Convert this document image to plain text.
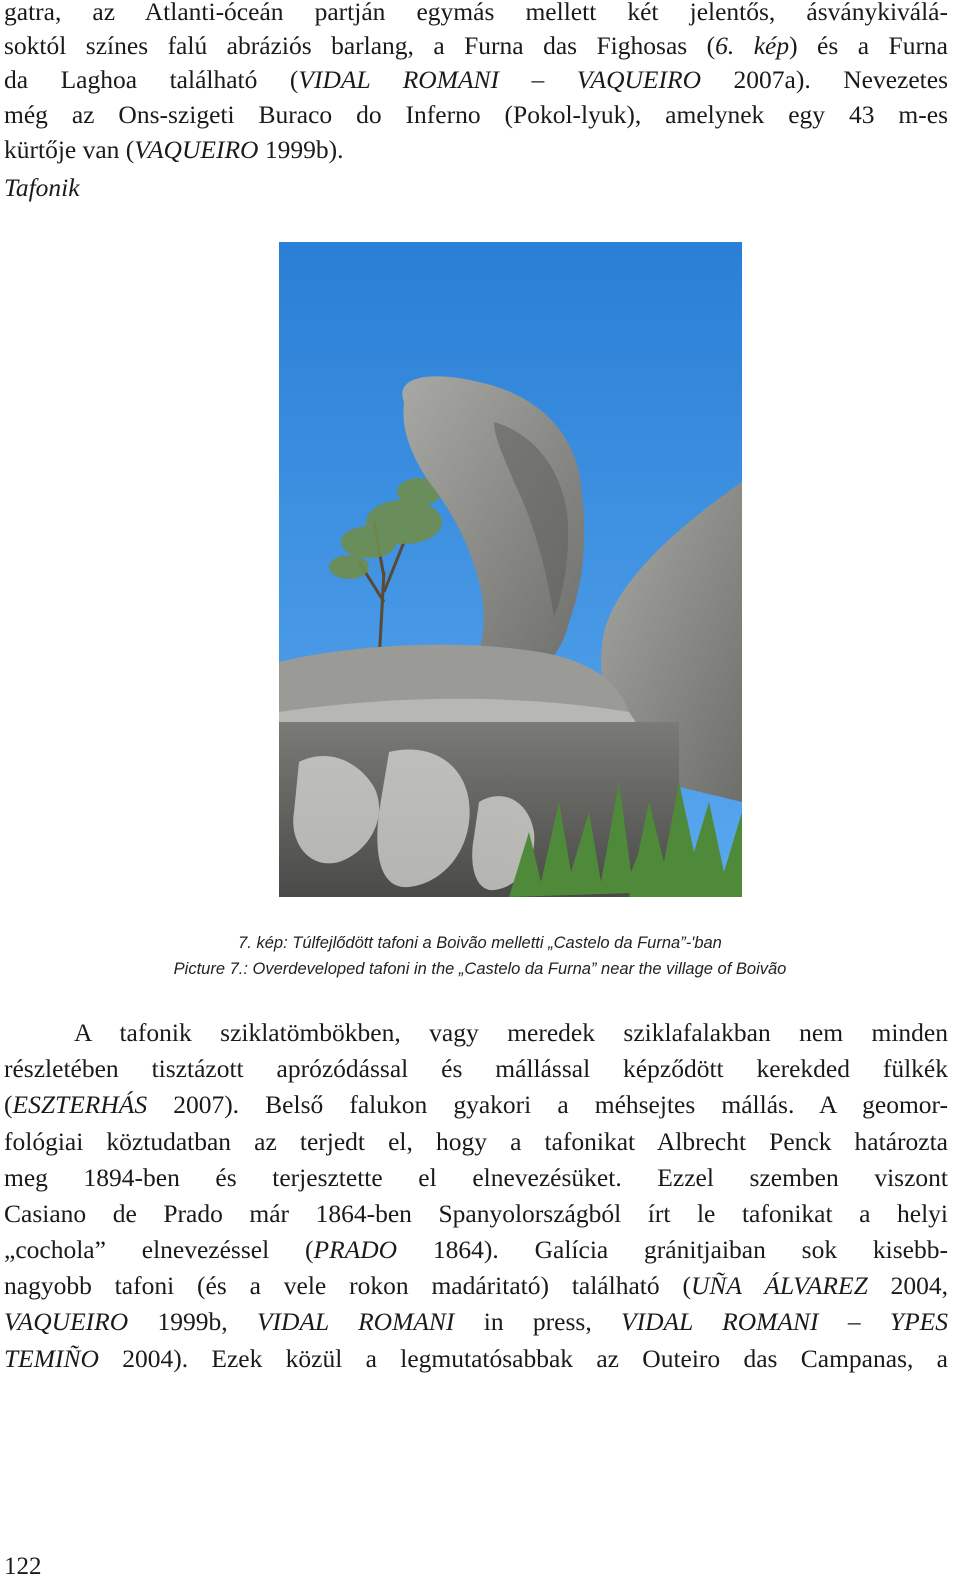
gatra, az Atlanti-óceán partján egymás mellett két jelentős, ásványkiválá-
soktól színes falú abráziós barlang, a Furna das Fighosas (6. kép) és a Furna
da Laghoa található (VIDAL ROMANI – VAQUEIRO 2007a). Nevezetes
még az Ons-szigeti Buraco do Inferno (Pokol-lyuk), amelynek egy 43 m-es
kürtője van (VAQUEIRO 1999b).
Tafonik
7. kép: Túlfejlődött tafoni a Boivão melletti „Castelo da Furna”-'ban
Picture 7.: Overdeveloped tafoni in the „Castelo da Furna” near the village of Boivão
A tafonik sziklatömbökben, vagy meredek sziklafalakban nem minden
részletében tisztázott aprózódással és mállással képződött kerekded fülkék
(ESZTERHÁS 2007). Belső falukon gyakori a méhsejtes mállás. A geomor-
fológiai köztudatban az terjedt el, hogy a tafonikat Albrecht Penck határozta
meg 1894-ben és terjesztette el elnevezésüket. Ezzel szemben viszont
Casiano de Prado már 1864-ben Spanyolországból írt le tafonikat a helyi
„cochola” elnevezéssel (PRADO 1864). Galícia gránitjaiban sok kisebb-
nagyobb tafoni (és a vele rokon madáritató) található (UÑA ÁLVAREZ 2004,
VAQUEIRO 1999b, VIDAL ROMANI in press, VIDAL ROMANI – YPES
TEMIÑO 2004). Ezek közül a legmutatósabbak az Outeiro das Campanas, a
122
